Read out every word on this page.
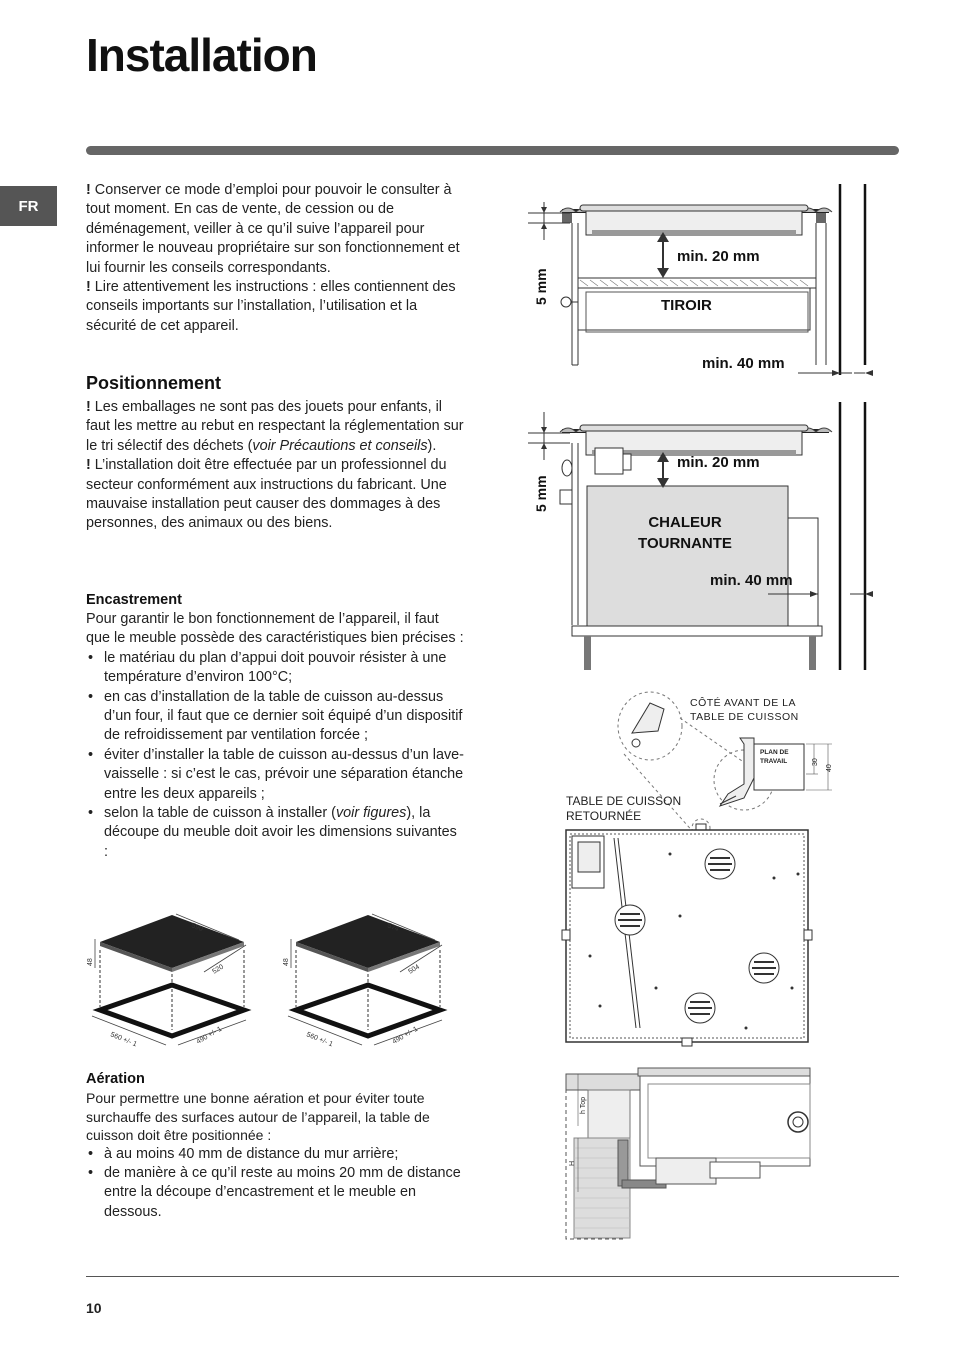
Installation
FR

! Conserver ce mode d’emploi pour pouvoir le consulter à tout moment. En cas de vente, de cession ou de déménagement, veiller à ce qu’il suive l’appareil pour informer le nouveau propriétaire sur son fonctionnement et lui fournir les conseils correspondants.

! Lire attentivement les instructions : elles contiennent des conseils importants sur l’installation, l’utilisation et la sécurité de cet appareil.

Positionnement

! Les emballages ne sont pas des jouets pour enfants, il faut les mettre au rebut en respectant la réglementation sur le tri sélectif des déchets (voir Précautions et conseils).

! L’installation doit être effectuée par un professionnel du secteur conformément aux instructions du fabricant. Une mauvaise installation peut causer des dommages à des personnes, des animaux ou des biens.

Encastrement

Pour garantir le bon fonctionnement de l’appareil, il faut que le meuble possède des caractéristiques bien précises :

• le matériau du plan d’appui doit pouvoir résister à une température d’environ 100°C;
• en cas d’installation de la table de cuisson au-dessus d’un four, il faut que ce dernier soit équipé d’un dispositif de refroidissement par ventilation forcée ;
• éviter d’installer la table de cuisson au-dessus d’un lave-vaisselle : si c’est le cas, prévoir une séparation étanche entre les deux appareils ;
• selon la table de cuisson à installer (voir figures), la découpe du meuble doit avoir les dimensions suivantes :
590
520
48
560 +/- 1	490 +/- 1
574
504
48
560 +/- 1	490 +/- 1
Aération

Pour permettre une bonne aération et pour éviter toute surchauffe des surfaces autour de l’appareil, la table de cuisson doit être positionnée :

• à au moins 40 mm de distance du mur arrière;
• de manière à ce qu’il reste au moins 20 mm de distance entre la découpe d’encastrement et le meuble en dessous.
min. 20 mm
TIROIR
5 mm
min. 40 mm
min. 20 mm
CHALEUR
TOURNANTE
5 mm
min. 40 mm
CÔTÉ AVANT DE LA
TABLE DE CUISSON
PLAN DE
TRAVAIL	30
40
TABLE DE CUISSON
RETOURNÉE
h Top
H
10
